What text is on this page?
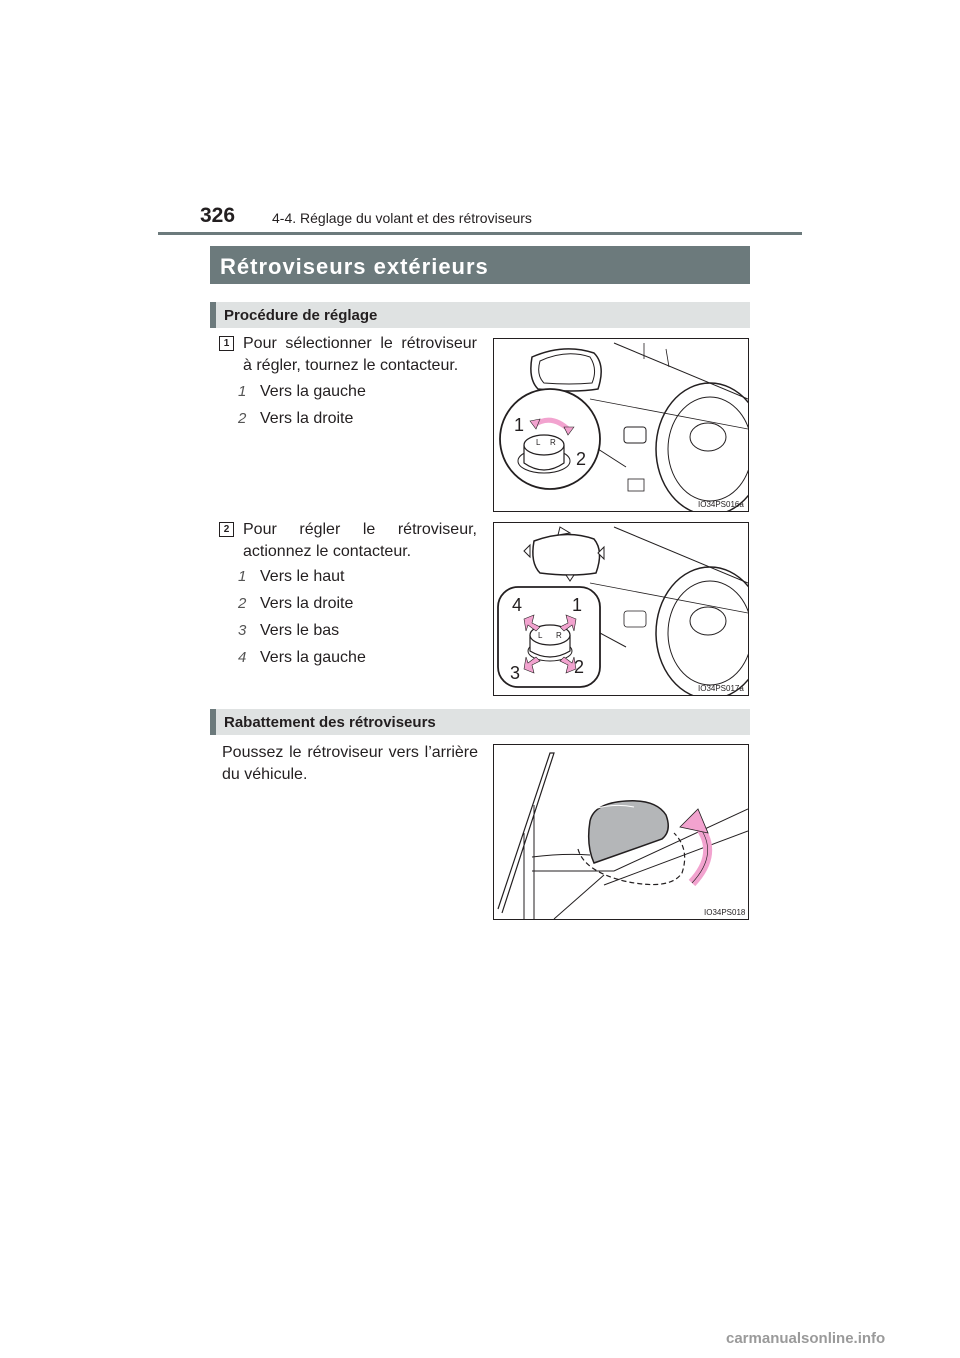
326	4-4. Réglage du volant et des rétroviseurs
Rétroviseurs extérieurs
Procédure de réglage
1 Pour sélectionner le rétroviseur à régler, tournez le contacteur.
1 Vers la gauche
2 Vers la droite
L R
1
2
IO34PS016a
2 Pour régler le rétroviseur, actionnez le contacteur.
1 Vers le haut
2 Vers la droite
3 Vers le bas
4 Vers la gauche
L R
4	1
3	2
IO34PS017a
Rabattement des rétroviseurs
Poussez le rétroviseur vers l’arrière du véhicule.
IO34PS018
carmanualsonline.info
